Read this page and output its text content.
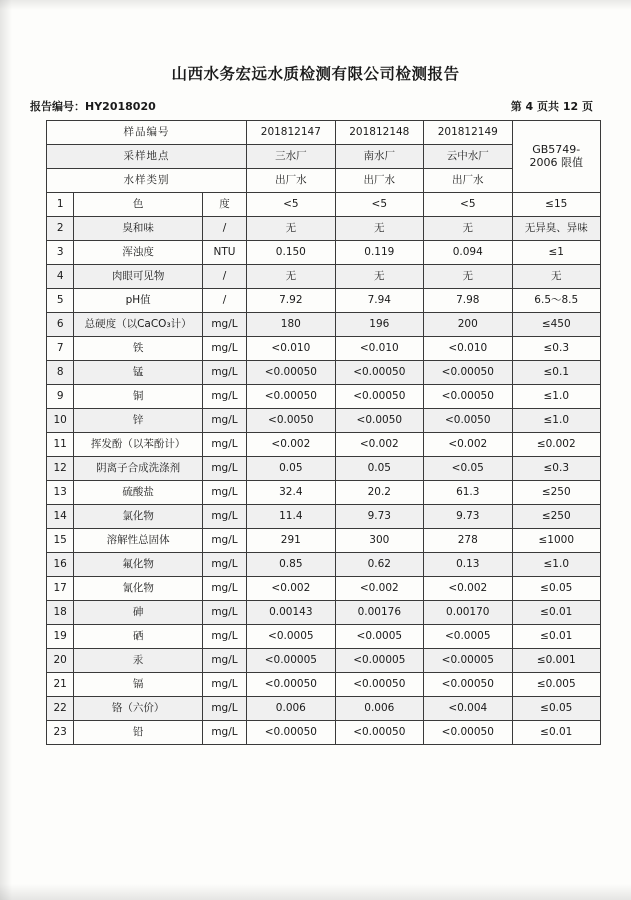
山西水务宏远水质检测有限公司检测报告
报告编号：HY2018020	第 4 页共 12 页
样品编号			201812147	201812148	201812149	GB5749-
2006 限值
采样地点			三水厂	南水厂	云中水厂	
水样类别			出厂水	出厂水	出厂水	
1	色	度	<5	<5	<5	≤15
2	臭和味	/	无	无	无	无异臭、异味
3	浑浊度	NTU	0.150	0.119	0.094	≤1
4	肉眼可见物	/	无	无	无	无
5	pH值	/	7.92	7.94	7.98	6.5～8.5
6	总硬度（以CaCO₃计）	mg/L	180	196	200	≤450
7	铁	mg/L	<0.010	<0.010	<0.010	≤0.3
8	锰	mg/L	<0.00050	<0.00050	<0.00050	≤0.1
9	铜	mg/L	<0.00050	<0.00050	<0.00050	≤1.0
10	锌	mg/L	<0.0050	<0.0050	<0.0050	≤1.0
11	挥发酚（以苯酚计）	mg/L	<0.002	<0.002	<0.002	≤0.002
12	阴离子合成洗涤剂	mg/L	0.05	0.05	<0.05	≤0.3
13	硫酸盐	mg/L	32.4	20.2	61.3	≤250
14	氯化物	mg/L	11.4	9.73	9.73	≤250
15	溶解性总固体	mg/L	291	300	278	≤1000
16	氟化物	mg/L	0.85	0.62	0.13	≤1.0
17	氰化物	mg/L	<0.002	<0.002	<0.002	≤0.05
18	砷	mg/L	0.00143	0.00176	0.00170	≤0.01
19	硒	mg/L	<0.0005	<0.0005	<0.0005	≤0.01
20	汞	mg/L	<0.00005	<0.00005	<0.00005	≤0.001
21	镉	mg/L	<0.00050	<0.00050	<0.00050	≤0.005
22	铬（六价）	mg/L	0.006	0.006	<0.004	≤0.05
23	铅	mg/L	<0.00050	<0.00050	<0.00050	≤0.01
